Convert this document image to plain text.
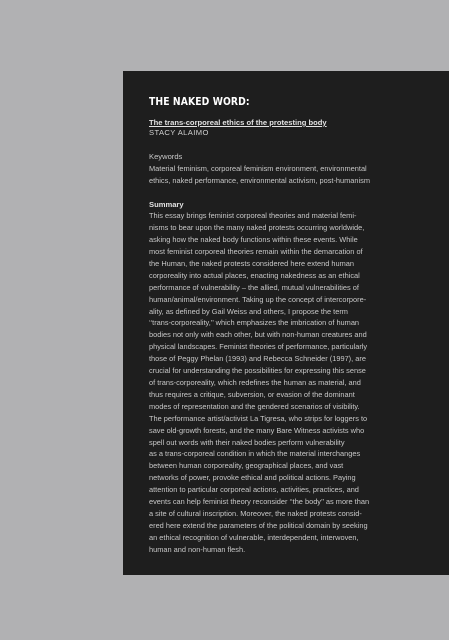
THE NAKED WORD:
The trans-corporeal ethics of the protesting body
STACY ALAIMO
Keywords
Material feminism, corporeal feminism environment, environmental
ethics, naked performance, environmental activism, post-humanism
Summary
This essay brings feminist corporeal theories and material femi-
nisms to bear upon the many naked protests occurring worldwide,
asking how the naked body functions within these events. While
most feminist corporeal theories remain within the demarcation of
the Human, the naked protests considered here extend human
corporeality into actual places, enacting nakedness as an ethical
performance of vulnerability – the allied, mutual vulnerabilities of
human/animal/environment. Taking up the concept of intercorpore-
ality, as defined by Gail Weiss and others, I propose the term
‘‘trans-corporeality,’’ which emphasizes the imbrication of human
bodies not only with each other, but with non-human creatures and
physical landscapes. Feminist theories of performance, particularly
those of Peggy Phelan (1993) and Rebecca Schneider (1997), are
crucial for understanding the possibilities for expressing this sense
of trans-corporeality, which redefines the human as material, and
thus requires a critique, subversion, or evasion of the dominant
modes of representation and the gendered scenarios of visibility.
The performance artist/activist La Tigresa, who strips for loggers to
save old-growth forests, and the many Bare Witness activists who
spell out words with their naked bodies perform vulnerability
as a trans-corporeal condition in which the material interchanges
between human corporeality, geographical places, and vast
networks of power, provoke ethical and political actions. Paying
attention to particular corporeal actions, activities, practices, and
events can help feminist theory reconsider ‘‘the body’’ as more than
a site of cultural inscription. Moreover, the naked protests consid-
ered here extend the parameters of the political domain by seeking
an ethical recognition of vulnerable, interdependent, interwoven,
human and non-human flesh.
